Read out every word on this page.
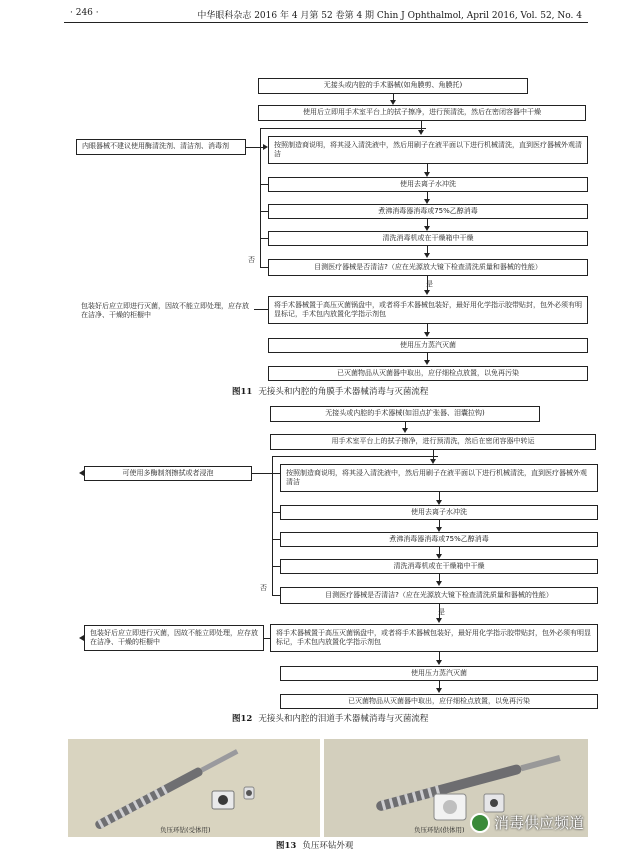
· 246 ·	中华眼科杂志 2016 年 4 月第 52 卷第 4 期 Chin J Ophthalmol, April 2016, Vol. 52, No. 4
无接头或内腔的手术器械(如角膜剪、角膜托)
使用后立即用手术室平台上的拭子擦净，进行预清洗，然后在密闭容器中干燥
按照制造商说明，将其浸入清洗液中，然后用刷子在液平面以下进行机械清洗，直到医疗器械外观清洁
使用去离子水冲洗
煮沸消毒器消毒或75%乙醇消毒
清洗消毒机或在干燥箱中干燥
目测医疗器械是否清洁?（应在光源放大镜下检查清洗质量和器械的性能）
是
将手术器械置于高压灭菌锅盘中，或者将手术器械包装好，最好用化学指示胶带贴封，包外必须有明显标记，手术包内放置化学指示剂包
使用压力蒸汽灭菌
已灭菌物品从灭菌器中取出，应仔细检点放置，以免再污染
否
内眼器械不建议使用酶清洗剂、清洁剂、消毒剂
包装好后应立即进行灭菌，因故不能立即处理，应存放在洁净、干燥的柜橱中
图11 无接头和内腔的角膜手术器械消毒与灭菌流程
无接头或内腔的手术器械(如泪点扩张器、泪囊拉钩)
用手术室平台上的拭子擦净，进行预清洗，然后在密闭容器中转运
按照制造商说明，将其浸入清洗液中，然后用刷子在液平面以下进行机械清洗，直到医疗器械外观清洁
使用去离子水冲洗
煮沸消毒器消毒或75%乙醇消毒
清洗消毒机或在干燥箱中干燥
目测医疗器械是否清洁?（应在光源放大镜下检查清洗质量和器械的性能）
是
将手术器械置于高压灭菌锅盘中，或者将手术器械包装好，最好用化学指示胶带贴封，包外必须有明显标记，手术包内放置化学指示剂包
使用压力蒸汽灭菌
已灭菌物品从灭菌器中取出，应仔细检点放置，以免再污染
否
可使用多酶制剂擦拭或者浸泡
包装好后应立即进行灭菌，因故不能立即处理，应存放在洁净、干燥的柜橱中
图12 无接头和内腔的泪道手术器械消毒与灭菌流程
负压环钻(受体用)	负压环钻(供体用) 消毒供应频道
图13 负压环钻外观
